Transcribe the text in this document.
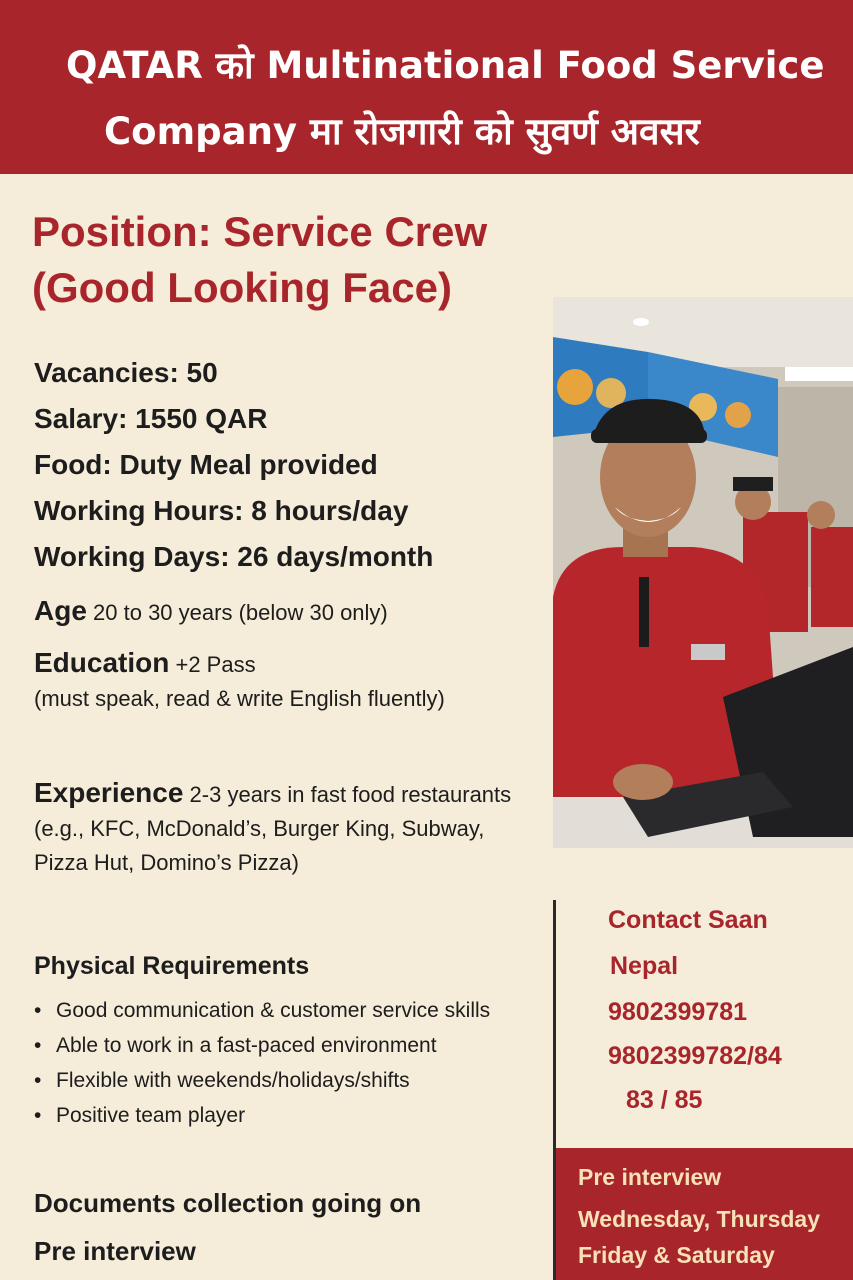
QATAR को Multinational Food Service
Company मा रोजगारी को सुवर्ण अवसर
Position: Service Crew
(Good Looking Face)
Vacancies: 50
Salary: 1550 QAR
Food: Duty Meal provided
Working Hours: 8 hours/day
Working Days: 26 days/month
Age 20 to 30 years (below 30 only)
Education +2 Pass
(must speak, read & write English fluently)
Experience 2-3 years in fast food restaurants (e.g., KFC, McDonald’s, Burger King, Subway, Pizza Hut, Domino’s Pizza)
Physical Requirements
• Good communication & customer service skills
• Able to work in a fast-paced environment
• Flexible with weekends/holidays/shifts
• Positive team player
Documents collection going on
Pre interview
Contact Saan
Nepal
9802399781
9802399782/84
83 / 85
Pre interview
Wednesday, Thursday
Friday & Saturday
